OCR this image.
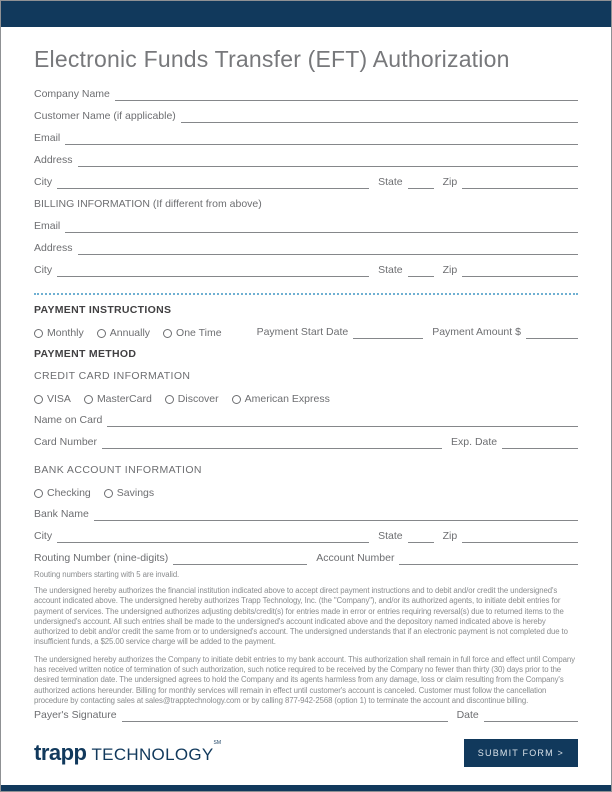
Electronic Funds Transfer (EFT) Authorization
Company Name
Customer Name (if applicable)
Email
Address
City	State	Zip
BILLING INFORMATION (If different from above)
Email
Address
City	State	Zip
PAYMENT INSTRUCTIONS
Monthly Annually One Time	Payment Start Date	Payment Amount $
PAYMENT METHOD
CREDIT CARD INFORMATION
VISA MasterCard Discover American Express
Name on Card
Card Number	Exp. Date
BANK ACCOUNT INFORMATION
Checking Savings
Bank Name
City	State	Zip
Routing Number (nine-digits)	Account Number
Routing numbers starting with 5 are invalid.

The undersigned hereby authorizes the financial institution indicated above to accept direct payment instructions and to debit and/or credit the undersigned's account indicated above. The undersigned hereby authorizes Trapp Technology, Inc. (the "Company"), and/or its authorized agents, to initiate debit entries for payment of services. The undersigned authorizes adjusting debits/credit(s) for entries made in error or entries requiring reversal(s) due to returned items to the undersigned's account. All such entries shall be made to the undersigned's account indicated above and the depository named indicated above is hereby authorized to debit and/or credit the same from or to undersigned's account. The undersigned understands that if an electronic payment is not completed due to insufficient funds, a $25.00 service charge will be added to the payment.

The undersigned hereby authorizes the Company to initiate debit entries to my bank account. This authorization shall remain in full force and effect until Company has received written notice of termination of such authorization, such notice required to be received by the Company no fewer than thirty (30) days prior to the desired termination date. The undersigned agrees to hold the Company and its agents harmless from any damage, loss or claim resulting from the Company's authorized actions hereunder. Billing for monthly services will remain in effect until customer's account is canceled. Customer must follow the cancellation procedure by contacting sales at sales@trapptechnology.com or by calling 877-942-2568 (option 1) to terminate the account and discontinue billing.

Payer's Signature	Date
trapp TECHNOLOGY℠
SUBMIT FORM >
